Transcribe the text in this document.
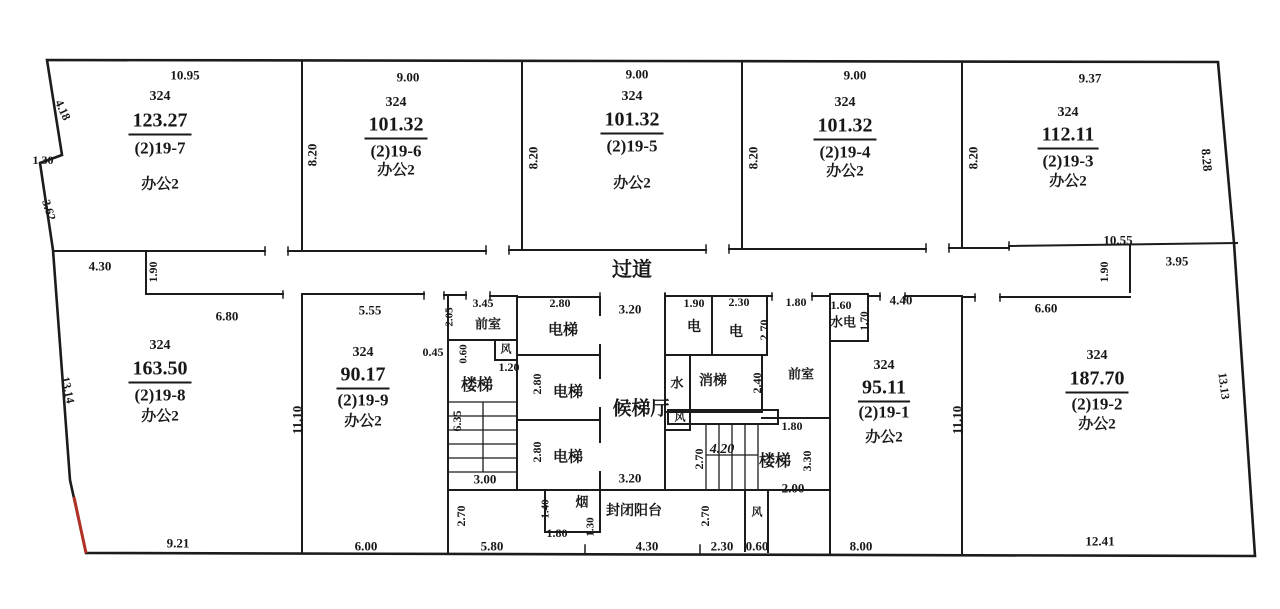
324
123.27
(2)19-7
办公2
324
101.32
(2)19-6
办公2
324
101.32
(2)19-5
办公2
324
101.32
(2)19-4
办公2
324
112.11
(2)19-3
办公2
324
163.50
(2)19-8
办公2
324
90.17
(2)19-9
办公2
324
95.11
(2)19-1
办公2
324
187.70
(2)19-2
办公2
10.95	9.00	9.00	9.00	9.37
4.18
1.30
3.62
13.14
8.20	8.20	8.20	8.20	8.28
4.30	1.90	过道
10.55
3.95
1.90
6.80
6.60
11.10
9.21
5.55
6.00
2.05
3.45
前室
0.45 0.60	风
1.20
楼梯
6.35
3.00
2.70
5.80
2.80
电梯
3.20
2.80 电梯
候梯厅
2.80 电梯
3.20
1.40 烟
1.80 1.30
封闭阳台
4.30	2.30 0.60
1.90
电
2.30
电 2.70
1.80 1.60
水电 1.70
4.40
水 消梯 2.40 前室
风
1.80
4.20
2.70	楼梯 3.30
2.00
风
2.70
8.00
11.10
13.13
12.41
